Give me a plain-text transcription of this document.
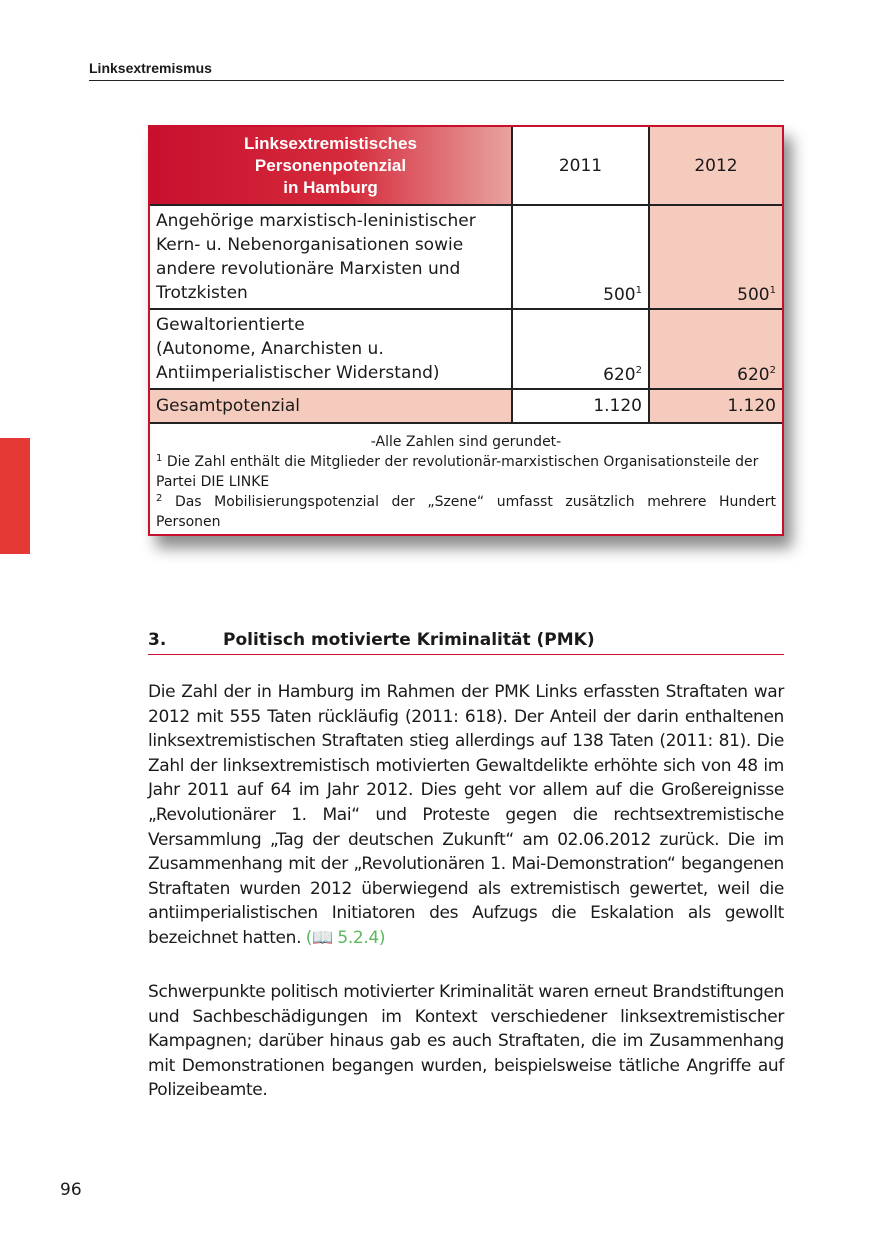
Linksextremismus
Linksextremistisches
Personenpotenzial
in Hamburg	2011	2012

Angehörige marxistisch-leninistischer
Kern- u. Nebenorganisationen sowie
andere revolutionäre Marxisten und
Trotzkisten	$500^1$	$500^1$

Gewaltorientierte
(Autonome, Anarchisten u.
Antiimperialistischer Widerstand)	$620^2$	$620^2$
Gesamtpotenzial	1.120	1.120

-Alle Zahlen sind gerundet-
$^1$ Die Zahl enthält die Mitglieder der revolutionär-marxistischen Organisationsteile der Partei DIE LINKE
$^2$ Das Mobilisierungspotenzial der „Szene“ umfasst zusätzlich mehrere Hundert Personen		
3.	Politisch motivierte Kriminalität (PMK)
Die Zahl der in Hamburg im Rahmen der PMK Links erfassten Straftaten war 2012 mit 555 Taten rückläufig (2011: 618). Der Anteil der darin enthaltenen linksextremistischen Straftaten stieg allerdings auf 138 Taten (2011: 81). Die Zahl der linksextremistisch motivierten Gewaltdelikte erhöhte sich von 48 im Jahr 2011 auf 64 im Jahr 2012. Dies geht vor allem auf die Großereignisse „Revolutionärer 1. Mai“ und Proteste gegen die rechtsextremistische Versammlung „Tag der deutschen Zukunft“ am 02.06.2012 zurück. Die im Zusammenhang mit der „Revolutionären 1. Mai-Demonstration“ begangenen Straftaten wurden 2012 überwiegend als extremistisch gewertet, weil die antiimperialistischen Initiatoren des Aufzugs die Eskalation als gewollt bezeichnet hatten. (📖 5.2.4)
Schwerpunkte politisch motivierter Kriminalität waren erneut Brandstiftungen und Sachbeschädigungen im Kontext verschiedener linksextremistischer Kampagnen; darüber hinaus gab es auch Straftaten, die im Zusammenhang mit Demonstrationen begangen wurden, beispielsweise tätliche Angriffe auf Polizeibeamte.
96
